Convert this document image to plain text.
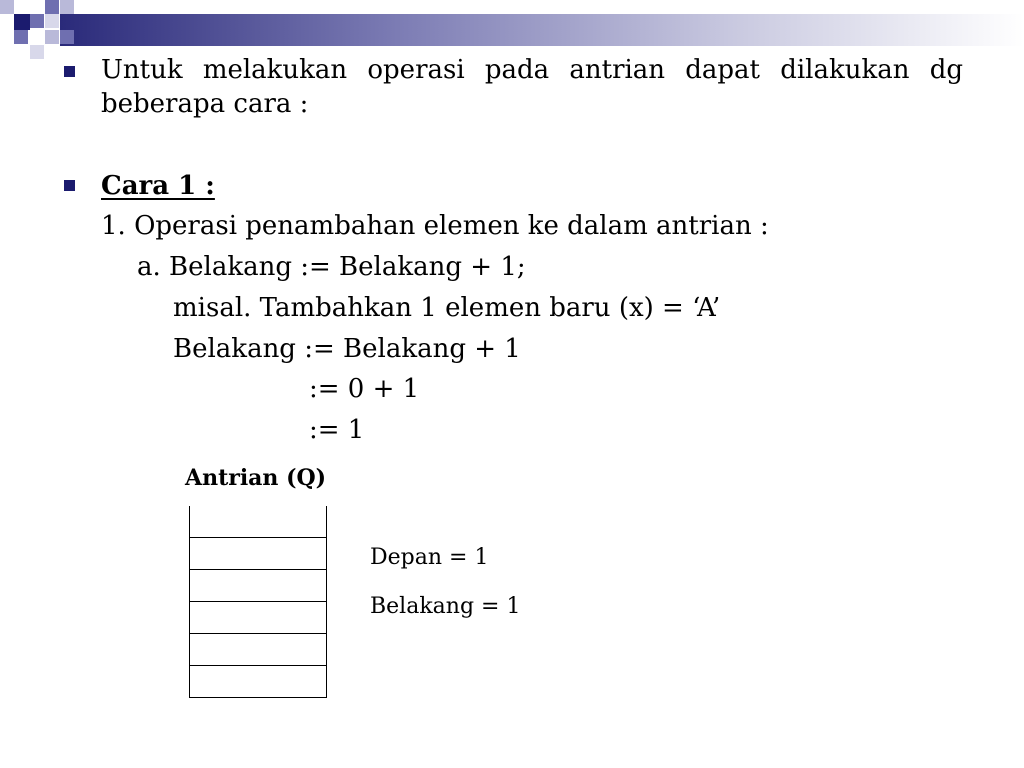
Untuk melakukan operasi pada antrian dapat dilakukan dg
beberapa cara :
Cara 1 :
1. Operasi penambahan elemen ke dalam antrian :
a. Belakang := Belakang + 1;
misal. Tambahkan 1 elemen baru (x) = ‘A’
Belakang := Belakang + 1
:= 0 + 1
:= 1
Antrian (Q)
Depan = 1
Belakang = 1
